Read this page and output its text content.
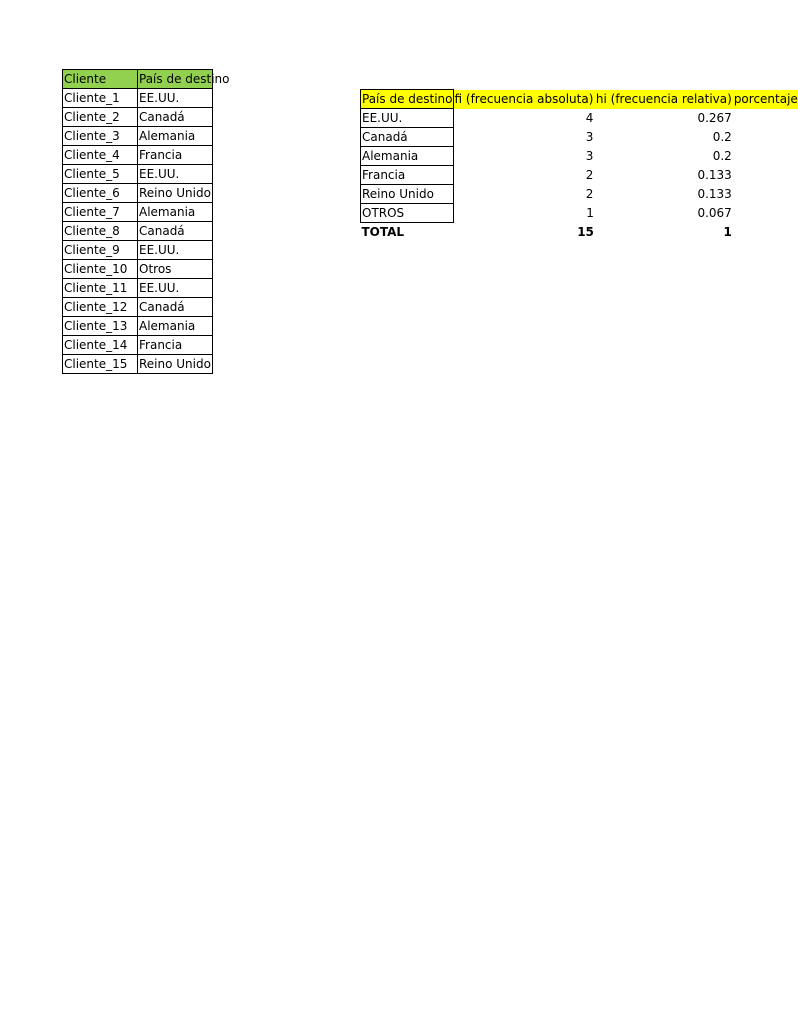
Cliente	País de destino

Cliente_1	EE.UU.
Cliente_2	Canadá
Cliente_3	Alemania
Cliente_4	Francia
Cliente_5	EE.UU.
Cliente_6	Reino Unido
Cliente_7	Alemania
Cliente_8	Canadá
Cliente_9	EE.UU.
Cliente_10	Otros
Cliente_11	EE.UU.
Cliente_12	Canadá
Cliente_13	Alemania
Cliente_14	Francia
Cliente_15	Reino Unido
País de destino	fi (frecuencia absoluta)	hi (frecuencia relativa)	porcentaje

EE.UU.	4	0.267	
Canadá	3	0.2	
Alemania	3	0.2	
Francia	2	0.133	
Reino Unido	2	0.133	
OTROS	1	0.067	
TOTAL	15	1	
